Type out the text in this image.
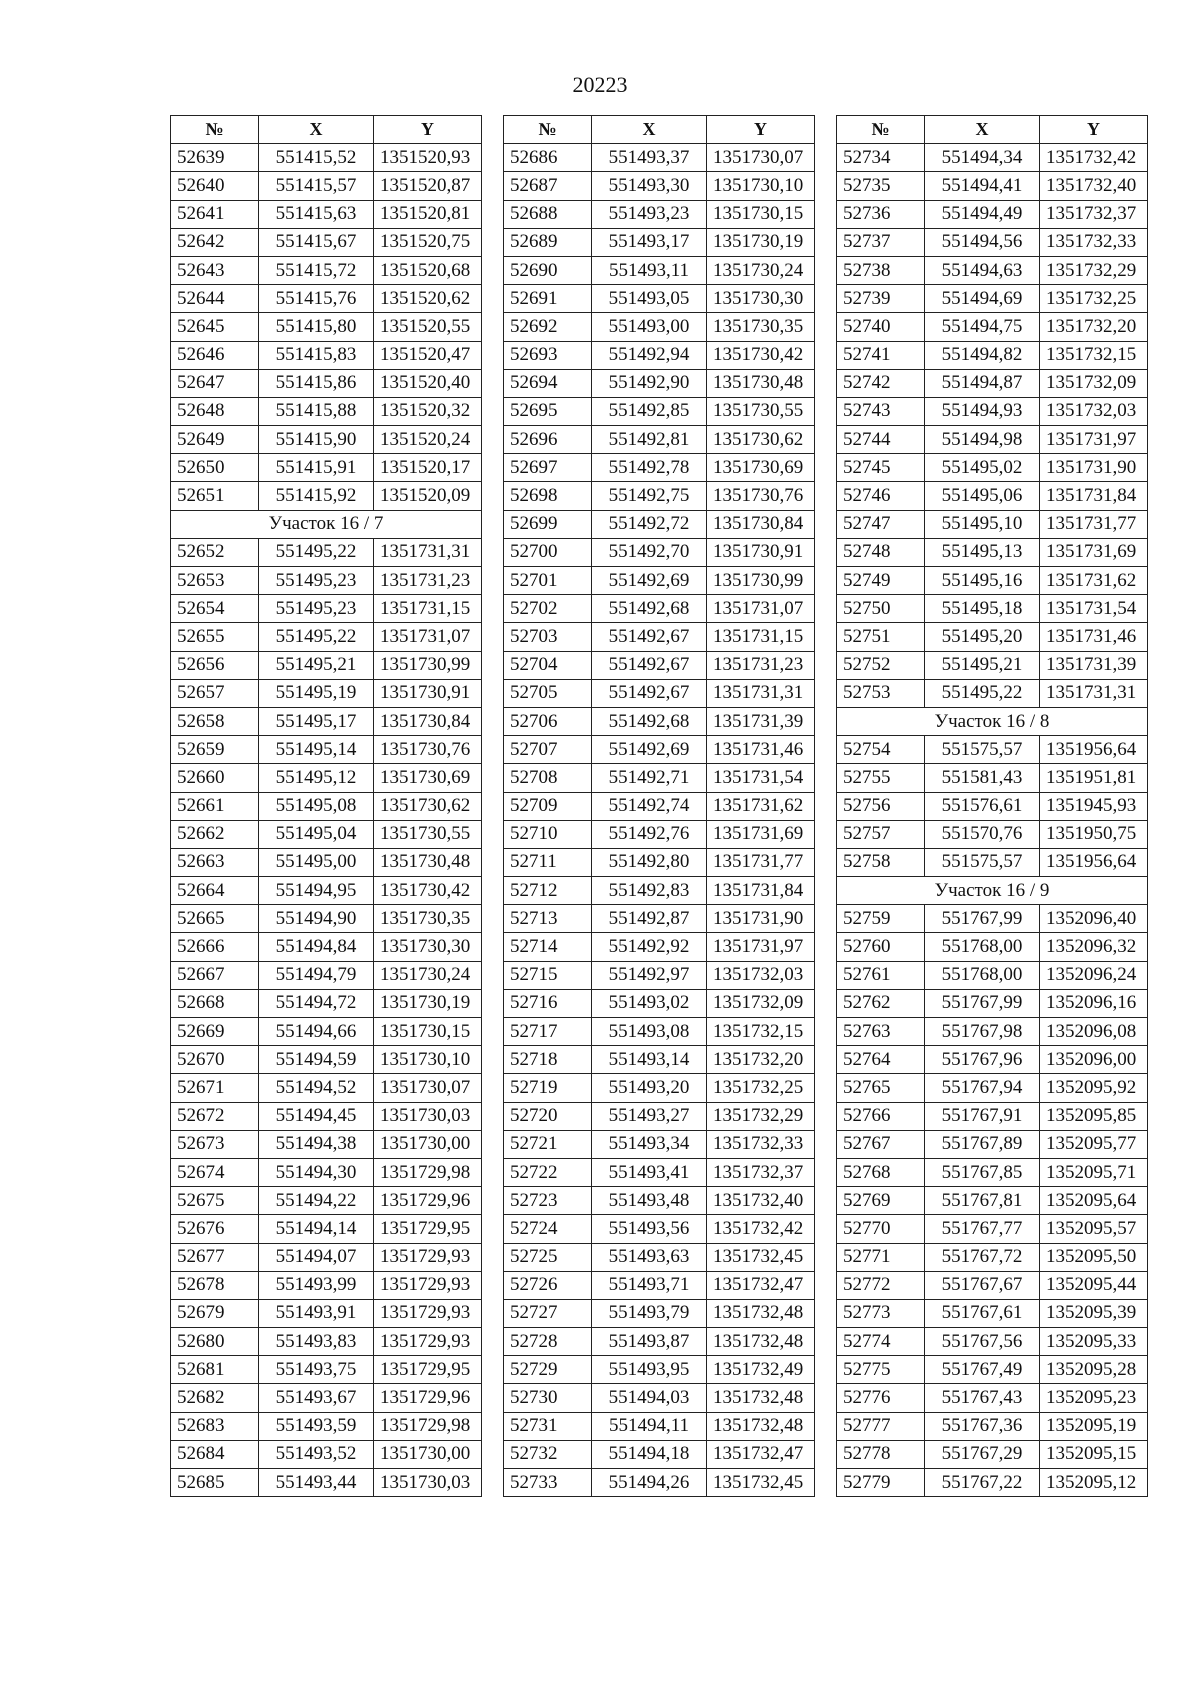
20223
№	X	Y
52639	551415,52	1351520,93
52640	551415,57	1351520,87
52641	551415,63	1351520,81
52642	551415,67	1351520,75
52643	551415,72	1351520,68
52644	551415,76	1351520,62
52645	551415,80	1351520,55
52646	551415,83	1351520,47
52647	551415,86	1351520,40
52648	551415,88	1351520,32
52649	551415,90	1351520,24
52650	551415,91	1351520,17
52651	551415,92	1351520,09
Участок 16 / 7		
52652	551495,22	1351731,31
52653	551495,23	1351731,23
52654	551495,23	1351731,15
52655	551495,22	1351731,07
52656	551495,21	1351730,99
52657	551495,19	1351730,91
52658	551495,17	1351730,84
52659	551495,14	1351730,76
52660	551495,12	1351730,69
52661	551495,08	1351730,62
52662	551495,04	1351730,55
52663	551495,00	1351730,48
52664	551494,95	1351730,42
52665	551494,90	1351730,35
52666	551494,84	1351730,30
52667	551494,79	1351730,24
52668	551494,72	1351730,19
52669	551494,66	1351730,15
52670	551494,59	1351730,10
52671	551494,52	1351730,07
52672	551494,45	1351730,03
52673	551494,38	1351730,00
52674	551494,30	1351729,98
52675	551494,22	1351729,96
52676	551494,14	1351729,95
52677	551494,07	1351729,93
52678	551493,99	1351729,93
52679	551493,91	1351729,93
52680	551493,83	1351729,93
52681	551493,75	1351729,95
52682	551493,67	1351729,96
52683	551493,59	1351729,98
52684	551493,52	1351730,00
52685	551493,44	1351730,03
№	X	Y
52686	551493,37	1351730,07
52687	551493,30	1351730,10
52688	551493,23	1351730,15
52689	551493,17	1351730,19
52690	551493,11	1351730,24
52691	551493,05	1351730,30
52692	551493,00	1351730,35
52693	551492,94	1351730,42
52694	551492,90	1351730,48
52695	551492,85	1351730,55
52696	551492,81	1351730,62
52697	551492,78	1351730,69
52698	551492,75	1351730,76
52699	551492,72	1351730,84
52700	551492,70	1351730,91
52701	551492,69	1351730,99
52702	551492,68	1351731,07
52703	551492,67	1351731,15
52704	551492,67	1351731,23
52705	551492,67	1351731,31
52706	551492,68	1351731,39
52707	551492,69	1351731,46
52708	551492,71	1351731,54
52709	551492,74	1351731,62
52710	551492,76	1351731,69
52711	551492,80	1351731,77
52712	551492,83	1351731,84
52713	551492,87	1351731,90
52714	551492,92	1351731,97
52715	551492,97	1351732,03
52716	551493,02	1351732,09
52717	551493,08	1351732,15
52718	551493,14	1351732,20
52719	551493,20	1351732,25
52720	551493,27	1351732,29
52721	551493,34	1351732,33
52722	551493,41	1351732,37
52723	551493,48	1351732,40
52724	551493,56	1351732,42
52725	551493,63	1351732,45
52726	551493,71	1351732,47
52727	551493,79	1351732,48
52728	551493,87	1351732,48
52729	551493,95	1351732,49
52730	551494,03	1351732,48
52731	551494,11	1351732,48
52732	551494,18	1351732,47
52733	551494,26	1351732,45
№	X	Y
52734	551494,34	1351732,42
52735	551494,41	1351732,40
52736	551494,49	1351732,37
52737	551494,56	1351732,33
52738	551494,63	1351732,29
52739	551494,69	1351732,25
52740	551494,75	1351732,20
52741	551494,82	1351732,15
52742	551494,87	1351732,09
52743	551494,93	1351732,03
52744	551494,98	1351731,97
52745	551495,02	1351731,90
52746	551495,06	1351731,84
52747	551495,10	1351731,77
52748	551495,13	1351731,69
52749	551495,16	1351731,62
52750	551495,18	1351731,54
52751	551495,20	1351731,46
52752	551495,21	1351731,39
52753	551495,22	1351731,31
Участок 16 / 8		
52754	551575,57	1351956,64
52755	551581,43	1351951,81
52756	551576,61	1351945,93
52757	551570,76	1351950,75
52758	551575,57	1351956,64
Участок 16 / 9		
52759	551767,99	1352096,40
52760	551768,00	1352096,32
52761	551768,00	1352096,24
52762	551767,99	1352096,16
52763	551767,98	1352096,08
52764	551767,96	1352096,00
52765	551767,94	1352095,92
52766	551767,91	1352095,85
52767	551767,89	1352095,77
52768	551767,85	1352095,71
52769	551767,81	1352095,64
52770	551767,77	1352095,57
52771	551767,72	1352095,50
52772	551767,67	1352095,44
52773	551767,61	1352095,39
52774	551767,56	1352095,33
52775	551767,49	1352095,28
52776	551767,43	1352095,23
52777	551767,36	1352095,19
52778	551767,29	1352095,15
52779	551767,22	1352095,12
